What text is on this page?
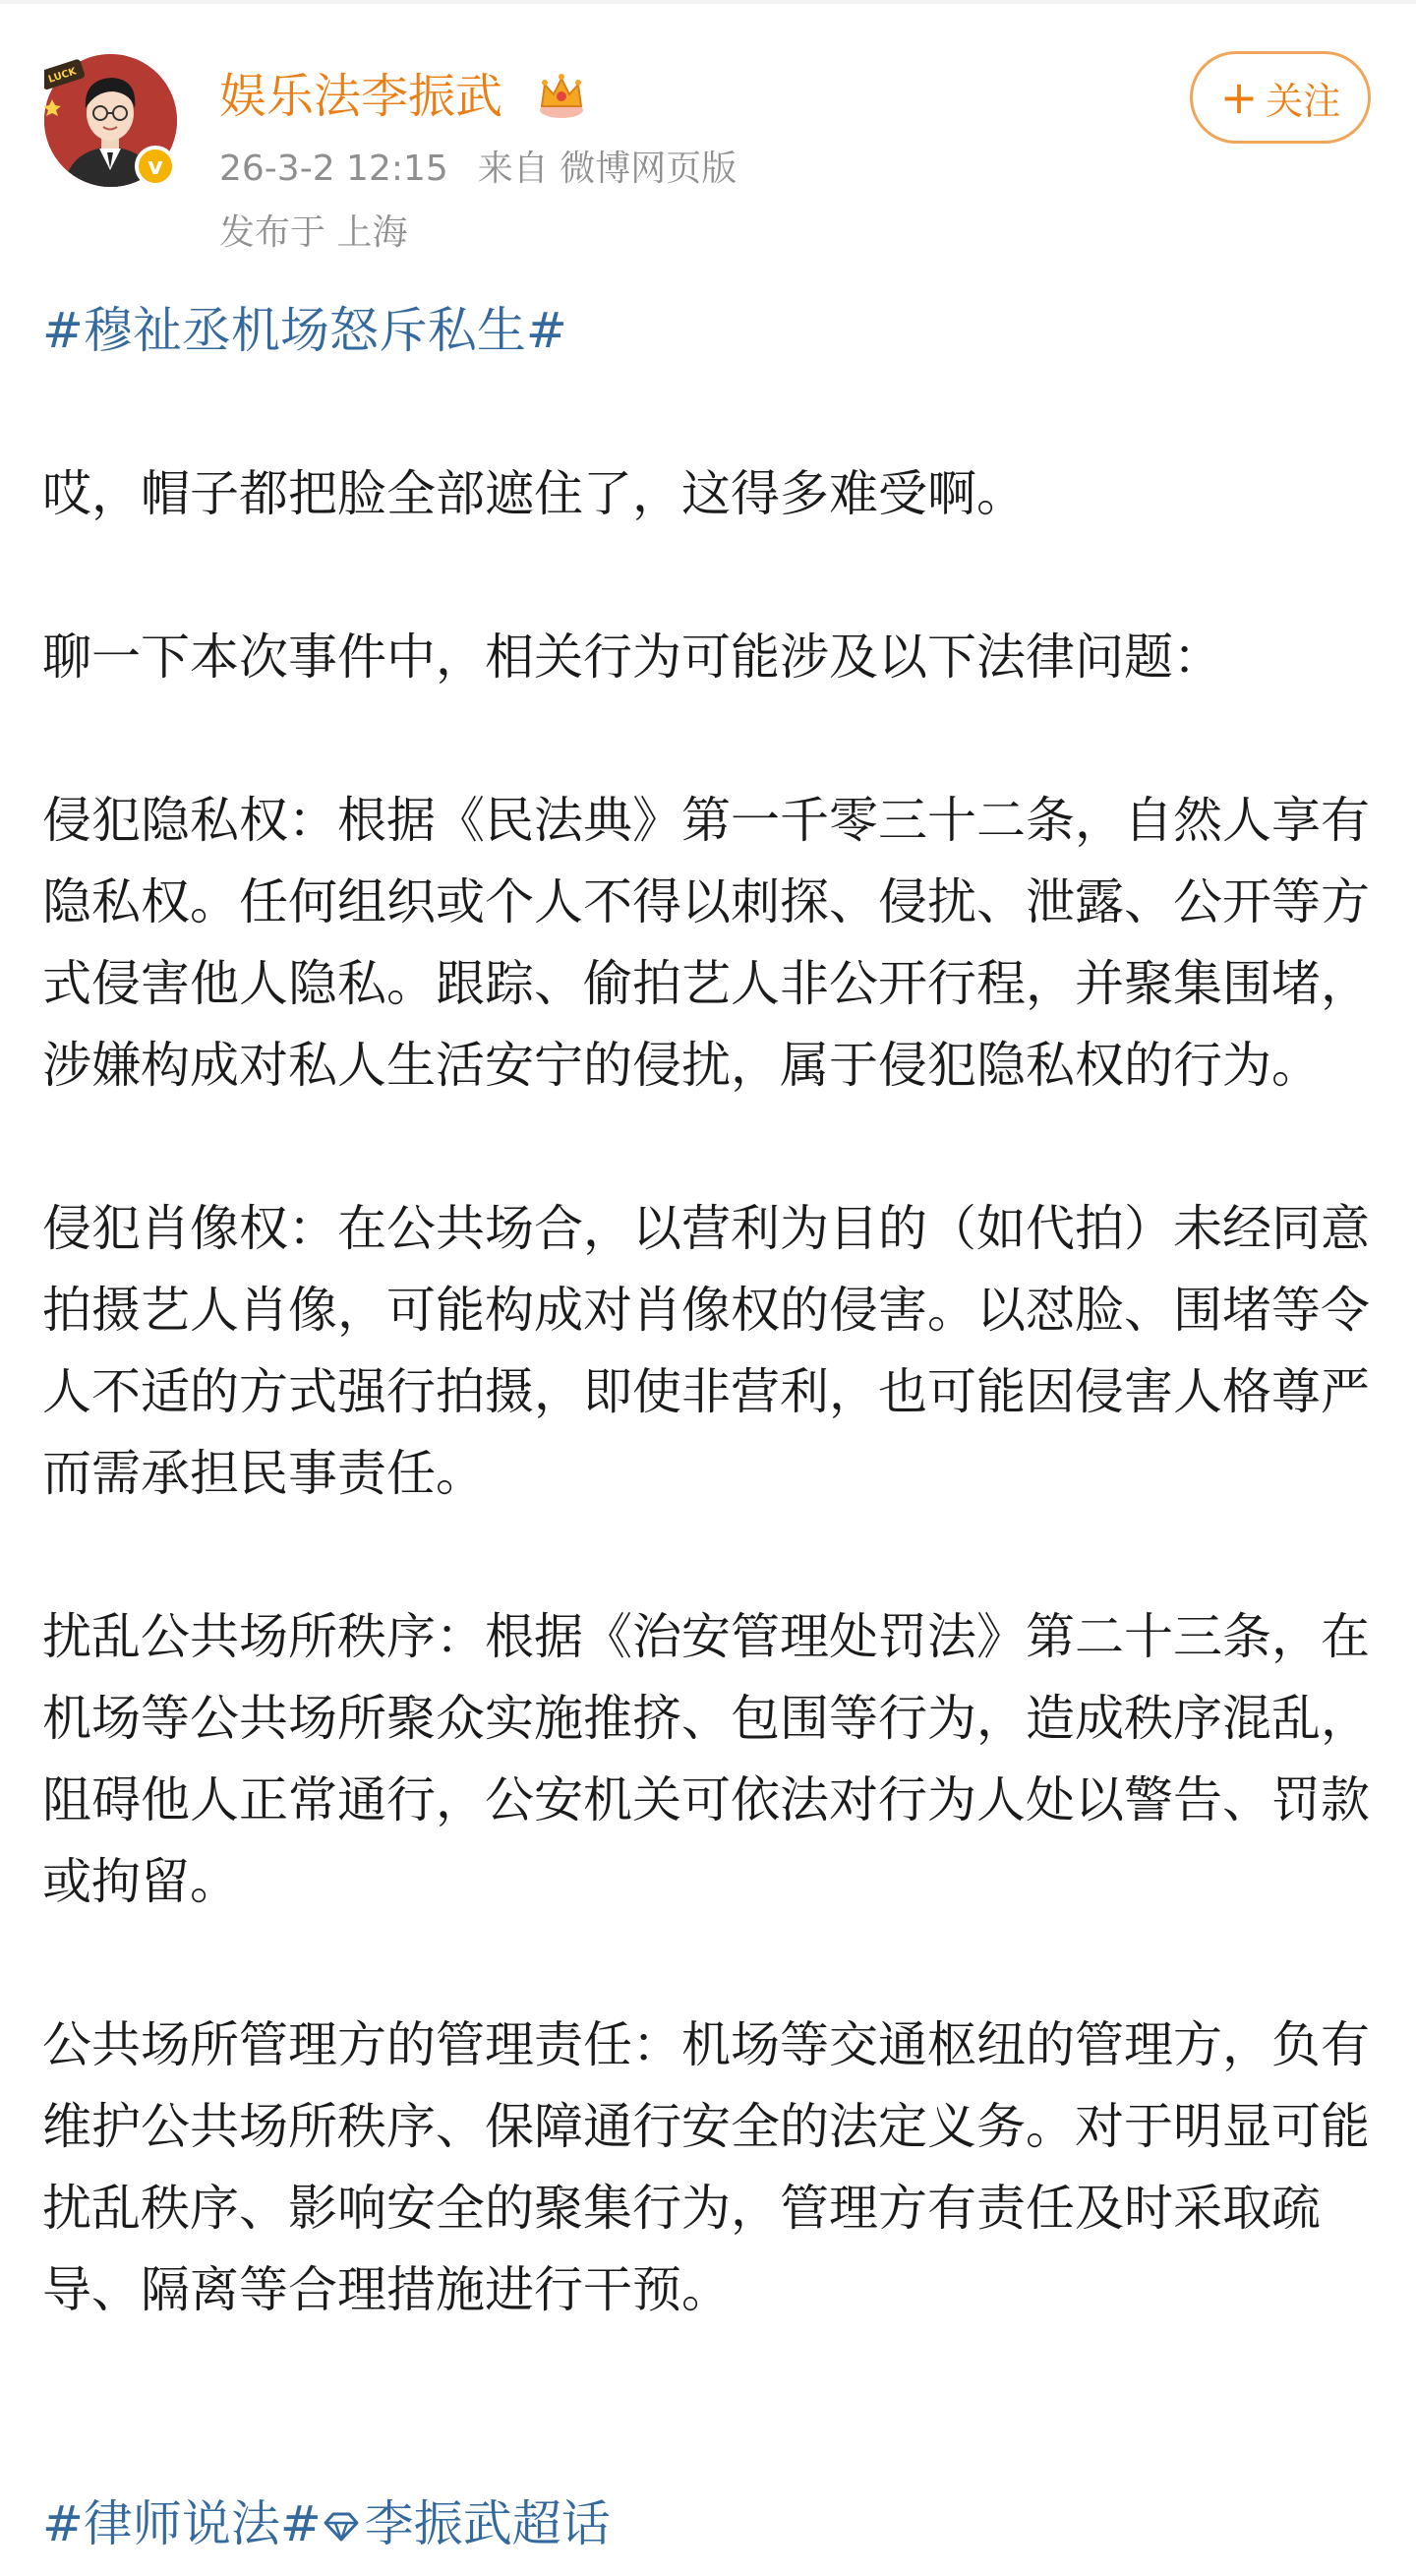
LUCK
v
娱乐法李振武
26-3-2 12:15 来自 微博网页版
发布于 上海
+ 关注
#穆祉丞机场怒斥私生#

哎，帽子都把脸全部遮住了，这得多难受啊。

聊一下本次事件中，相关行为可能涉及以下法律问题：

侵犯隐私权：根据《民法典》第一千零三十二条，自然人享有隐私权。任何组织或个人不得以刺探、侵扰、泄露、公开等方式侵害他人隐私。跟踪、偷拍艺人非公开行程，并聚集围堵，涉嫌构成对私人生活安宁的侵扰，属于侵犯隐私权的行为。

侵犯肖像权：在公共场合，以营利为目的（如代拍）未经同意拍摄艺人肖像，可能构成对肖像权的侵害。以怼脸、围堵等令人不适的方式强行拍摄，即使非营利，也可能因侵害人格尊严而需承担民事责任。

扰乱公共场所秩序：根据《治安管理处罚法》第二十三条，在机场等公共场所聚众实施推挤、包围等行为，造成秩序混乱，阻碍他人正常通行，公安机关可依法对行为人处以警告、罚款或拘留。

公共场所管理方的管理责任：机场等交通枢纽的管理方，负有维护公共场所秩序、保障通行安全的法定义务。对于明显可能扰乱秩序、影响安全的聚集行为，管理方有责任及时采取疏导、隔离等合理措施进行干预。

#律师说法# 李振武超话
